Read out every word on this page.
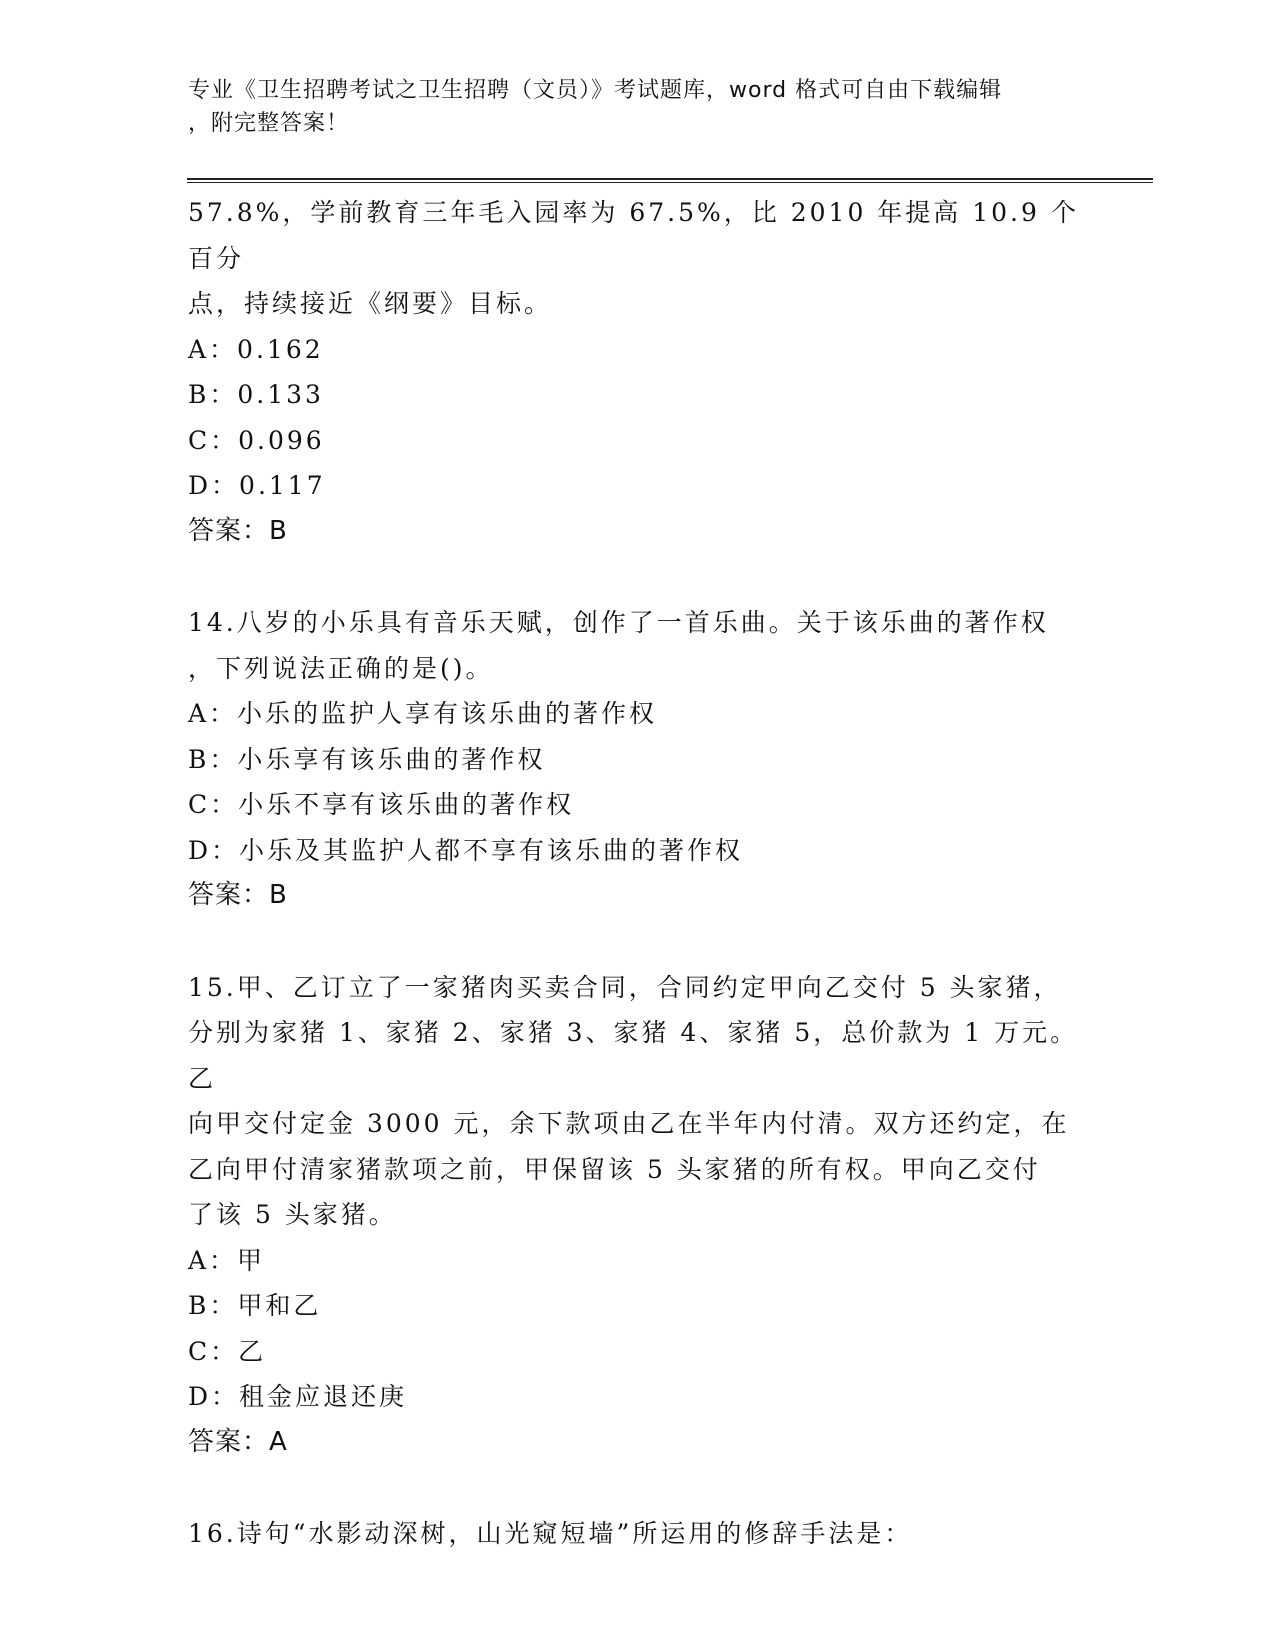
专业《卫生招聘考试之卫生招聘（文员）》考试题库，word 格式可自由下载编辑
，附完整答案！

57.8%，学前教育三年毛入园率为 67.5%，比 2010 年提高 10.9 个百分

点，持续接近《纲要》目标。

A：0.162

B：0.133

C：0.096

D：0.117

答案：B

14.八岁的小乐具有音乐天赋，创作了一首乐曲。关于该乐曲的著作权

，下列说法正确的是()。

A：小乐的监护人享有该乐曲的著作权

B：小乐享有该乐曲的著作权

C：小乐不享有该乐曲的著作权

D：小乐及其监护人都不享有该乐曲的著作权

答案：B

15.甲、乙订立了一家猪肉买卖合同，合同约定甲向乙交付 5 头家猪，

分别为家猪 1、家猪 2、家猪 3、家猪 4、家猪 5，总价款为 1 万元。乙

向甲交付定金 3000 元，余下款项由乙在半年内付清。双方还约定，在

乙向甲付清家猪款项之前，甲保留该 5 头家猪的所有权。甲向乙交付

了该 5 头家猪。

A：甲

B：甲和乙

C：乙

D：租金应退还庚

答案：A

16.诗句“水影动深树，山光窥短墙”所运用的修辞手法是：
